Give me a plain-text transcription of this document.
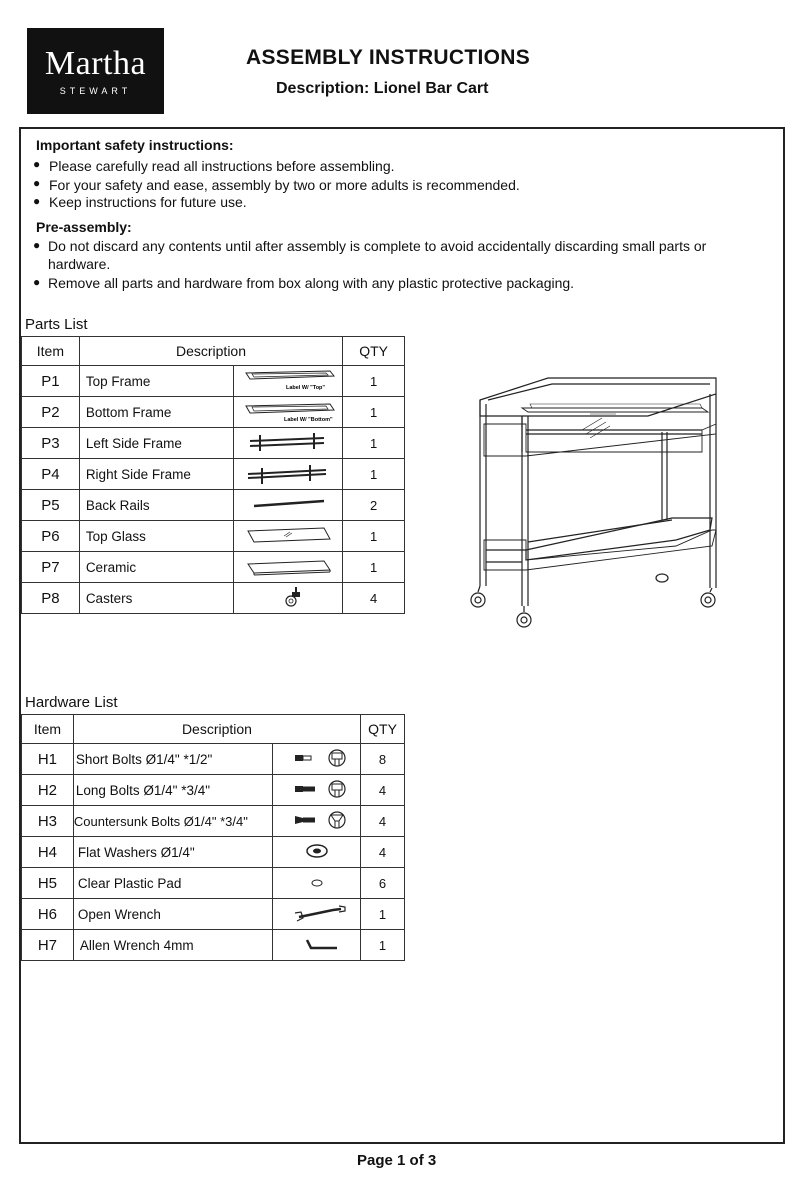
Martha
STEWART
ASSEMBLY INSTRUCTIONS
Description: Lionel Bar Cart
Important safety instructions:
● Please carefully read all instructions before assembling.
● For your safety and ease, assembly by two or more adults is recommended.
● Keep instructions for future use.
Pre-assembly:
● Do not discard any contents until after assembly is complete to avoid accidentally discarding small parts or
hardware.
● Remove all parts and hardware from box along with any plastic protective packaging.
Parts List
Item	Description		QTY
P1	Top Frame	Label W/ "Top"	1
P2	Bottom Frame	Label W/ "Bottom"	1
P3	Left Side Frame		1
P4	Right Side Frame		1
P5	Back Rails		2
P6	Top Glass		1
P7	Ceramic		1
P8	Casters		4
Hardware List
Item	Description		QTY
H1	Short Bolts Ø1/4" *1/2"		8
H2	Long Bolts Ø1/4" *3/4"		4
H3	Countersunk Bolts Ø1/4" *3/4"		4
H4	Flat Washers Ø1/4"		4
H5	Clear Plastic Pad		6
H6	Open Wrench		1
H7	Allen Wrench 4mm		1
Page 1 of 3
